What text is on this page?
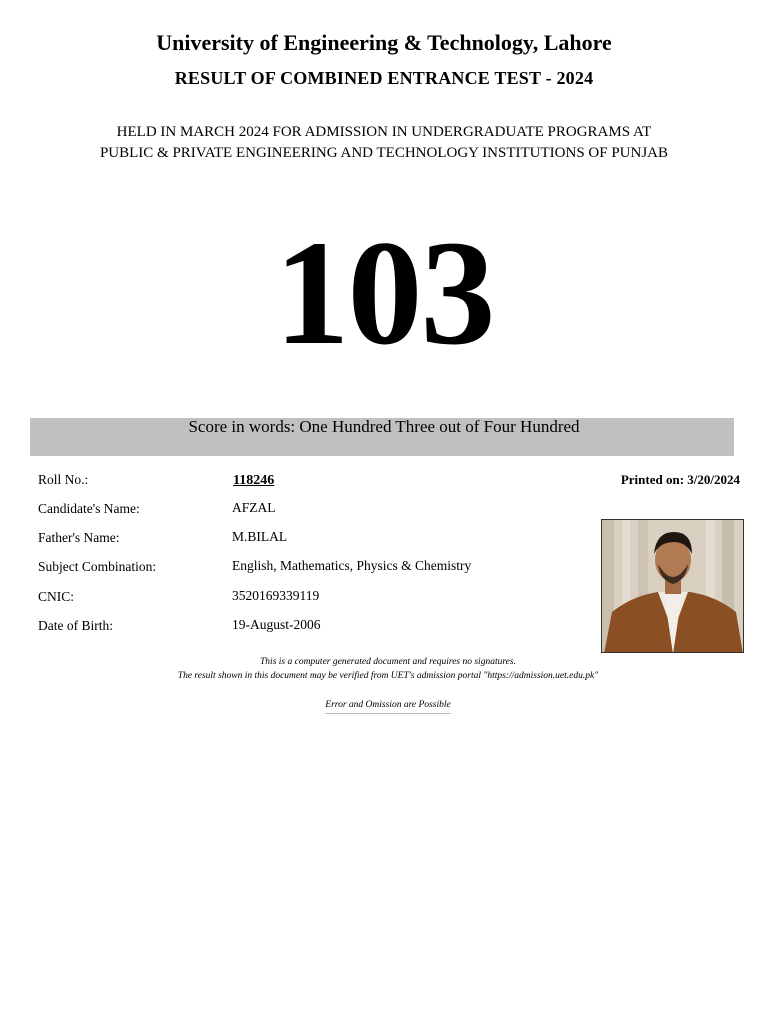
University of Engineering & Technology, Lahore
RESULT OF COMBINED ENTRANCE TEST - 2024
HELD IN MARCH 2024 FOR ADMISSION IN UNDERGRADUATE PROGRAMS AT
PUBLIC & PRIVATE ENGINEERING AND TECHNOLOGY INSTITUTIONS OF PUNJAB
103
Score in words: One Hundred Three out of Four Hundred
Roll No.:	118246	Printed on: 3/20/2024
Candidate's Name:	AFZAL
Father's Name:	M.BILAL
Subject Combination:	English, Mathematics, Physics & Chemistry
CNIC:	3520169339119
Date of Birth:	19-August-2006
This is a computer generated document and requires no signatures.
The result shown in this document may be verified from UET's admission portal "https://admission.uet.edu.pk"
Error and Omission are Possible
